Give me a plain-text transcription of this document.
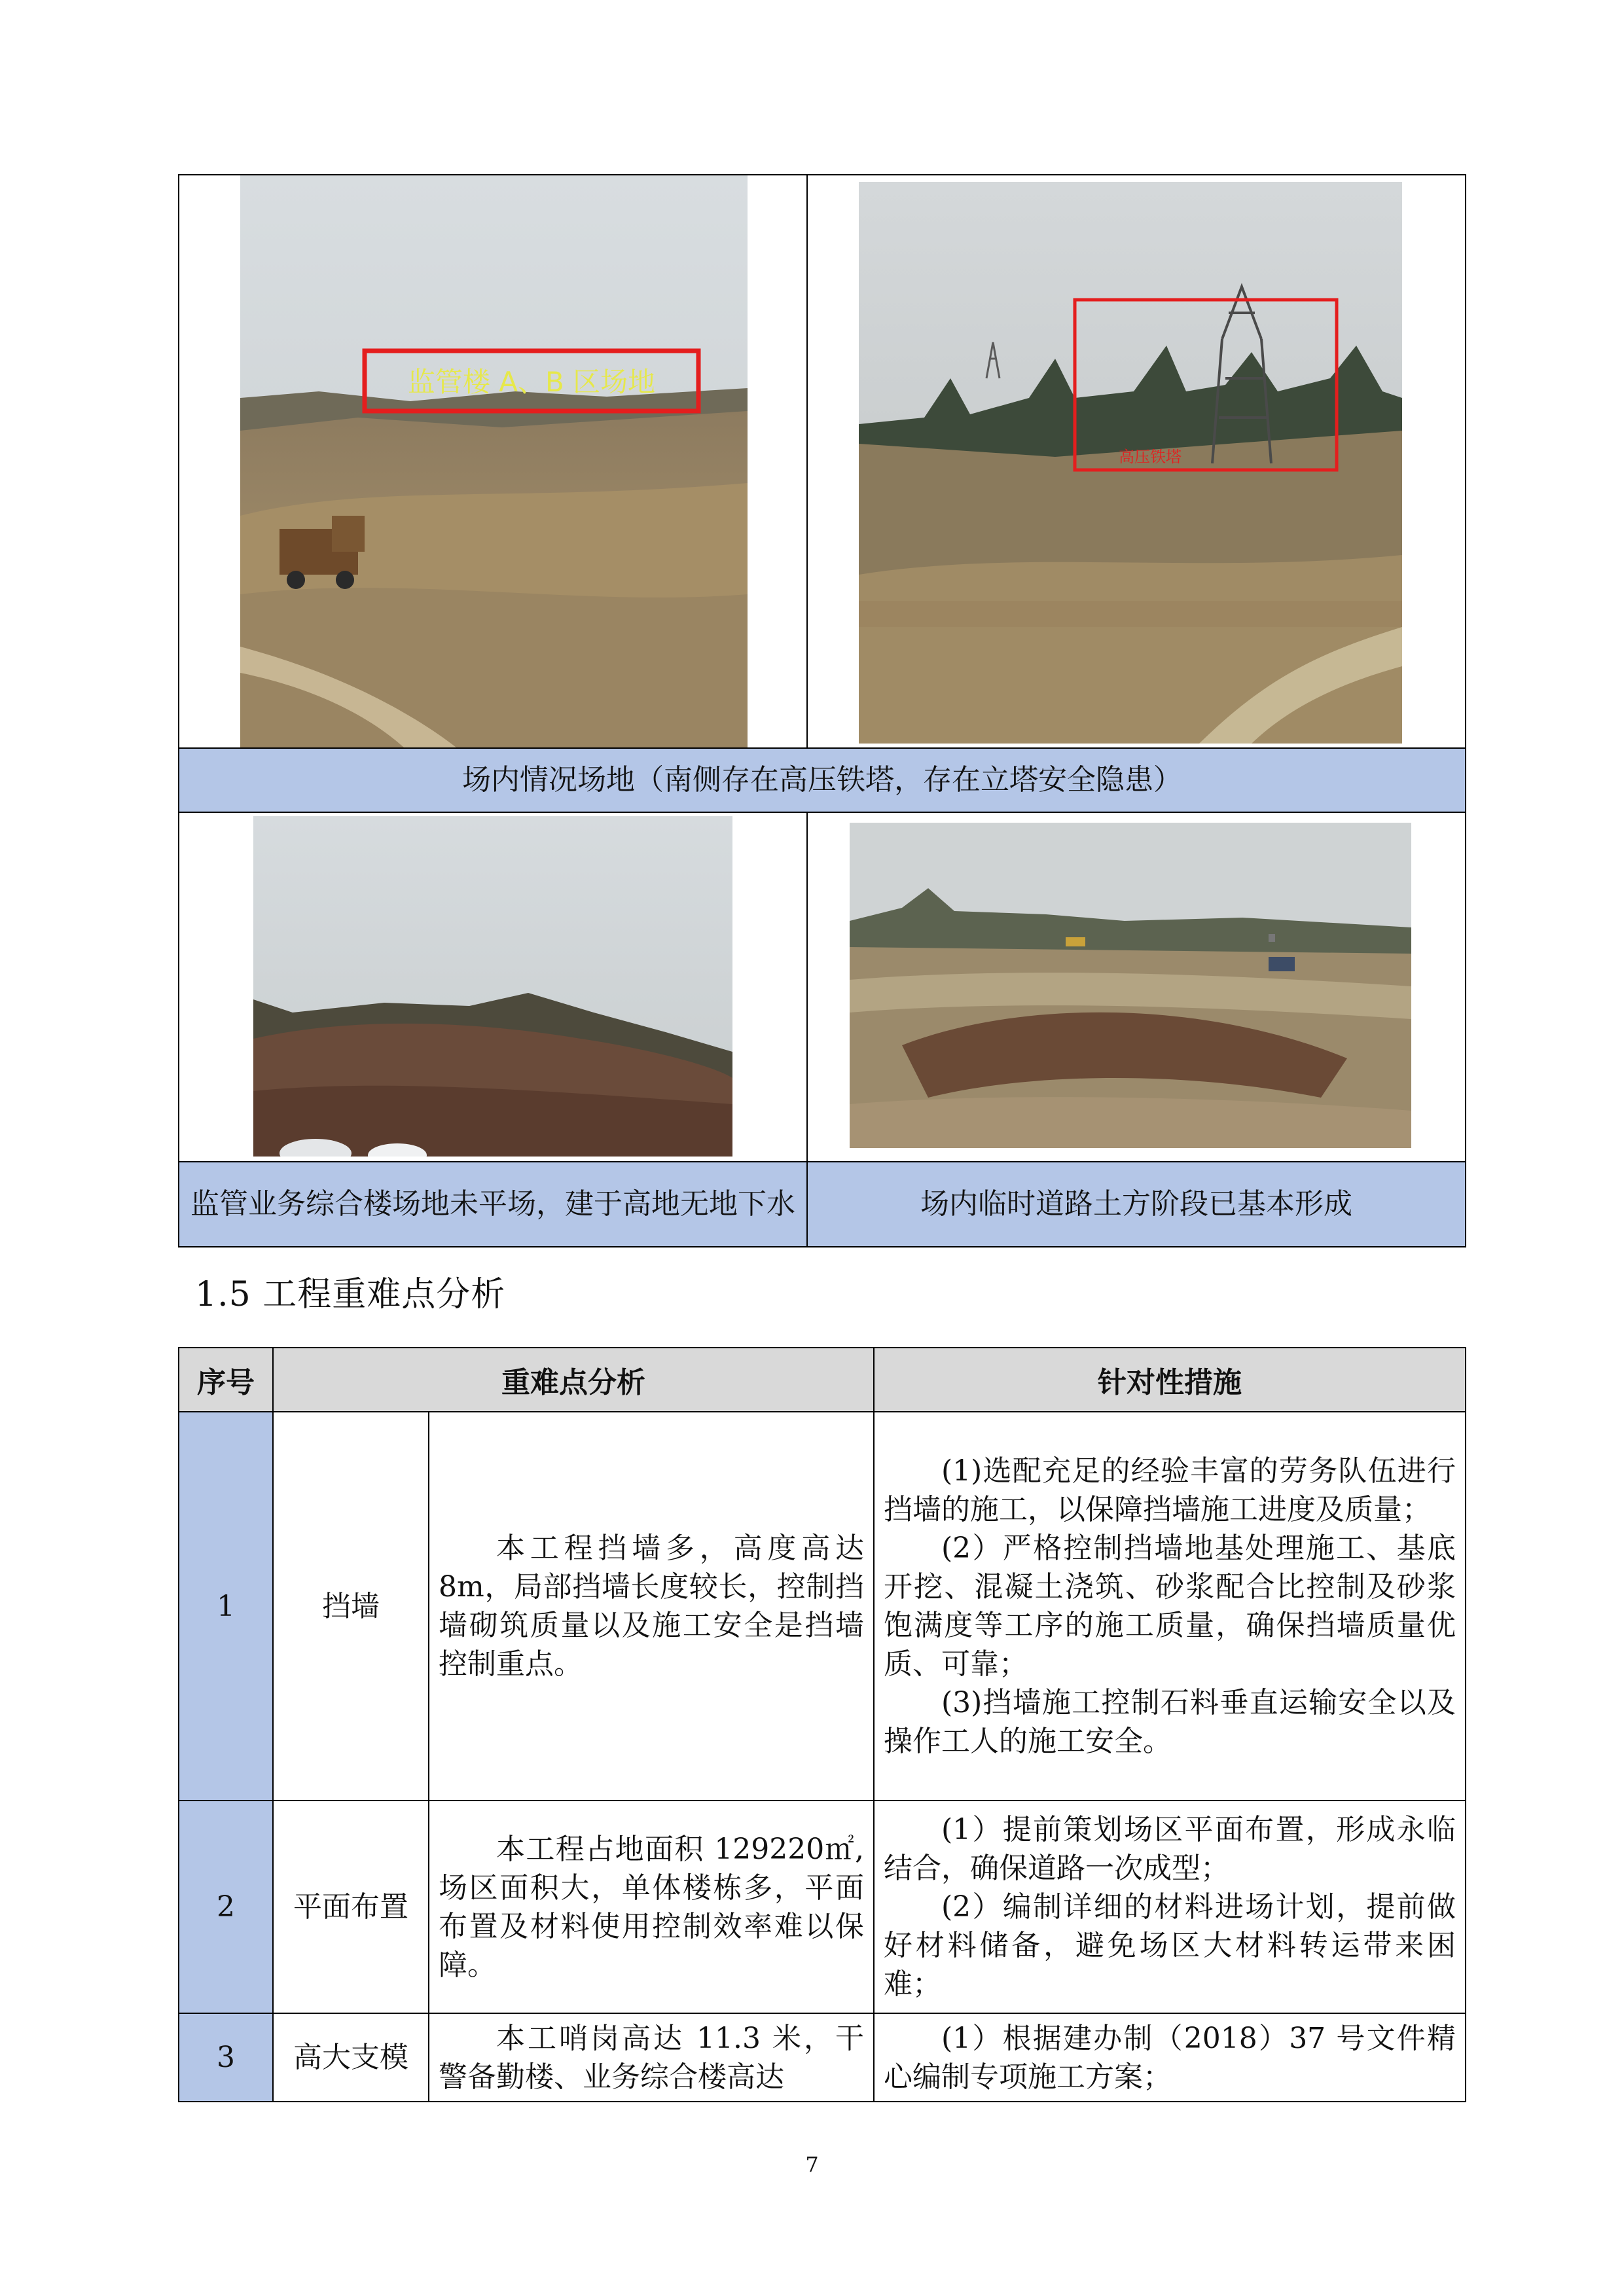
监管楼 A、B 区场地	高压铁塔

场内情况场地（南侧存在高压铁塔，存在立塔安全隐患）	

监管业务综合楼场地未平场，建于高地无地下水	场内临时道路土方阶段已基本形成
1.5 工程重难点分析
序号	重难点分析		针对性措施
1	挡墙	本工程挡墙多，高度高达8m，局部挡墙长度较长，控制挡墙砌筑质量以及施工安全是挡墙控制重点。	(1)选配充足的经验丰富的劳务队伍进行挡墙的施工，以保障挡墙施工进度及质量；

(2）严格控制挡墙地基处理施工、基底开挖、混凝土浇筑、砂浆配合比控制及砂浆饱满度等工序的施工质量，确保挡墙质量优质、可靠；

(3)挡墙施工控制石料垂直运输安全以及操作工人的施工安全。

2	平面布置	本工程占地面积 129220㎡,场区面积大，单体楼栋多，平面布置及材料使用控制效率难以保障。	(1）提前策划场区平面布置，形成永临结合，确保道路一次成型；

(2）编制详细的材料进场计划，提前做好材料储备，避免场区大材料转运带来困难；

3	高大支模	本工哨岗高达 11.3 米，干警备勤楼、业务综合楼高达	(1）根据建办制（2018）37 号文件精心编制专项施工方案；

7
